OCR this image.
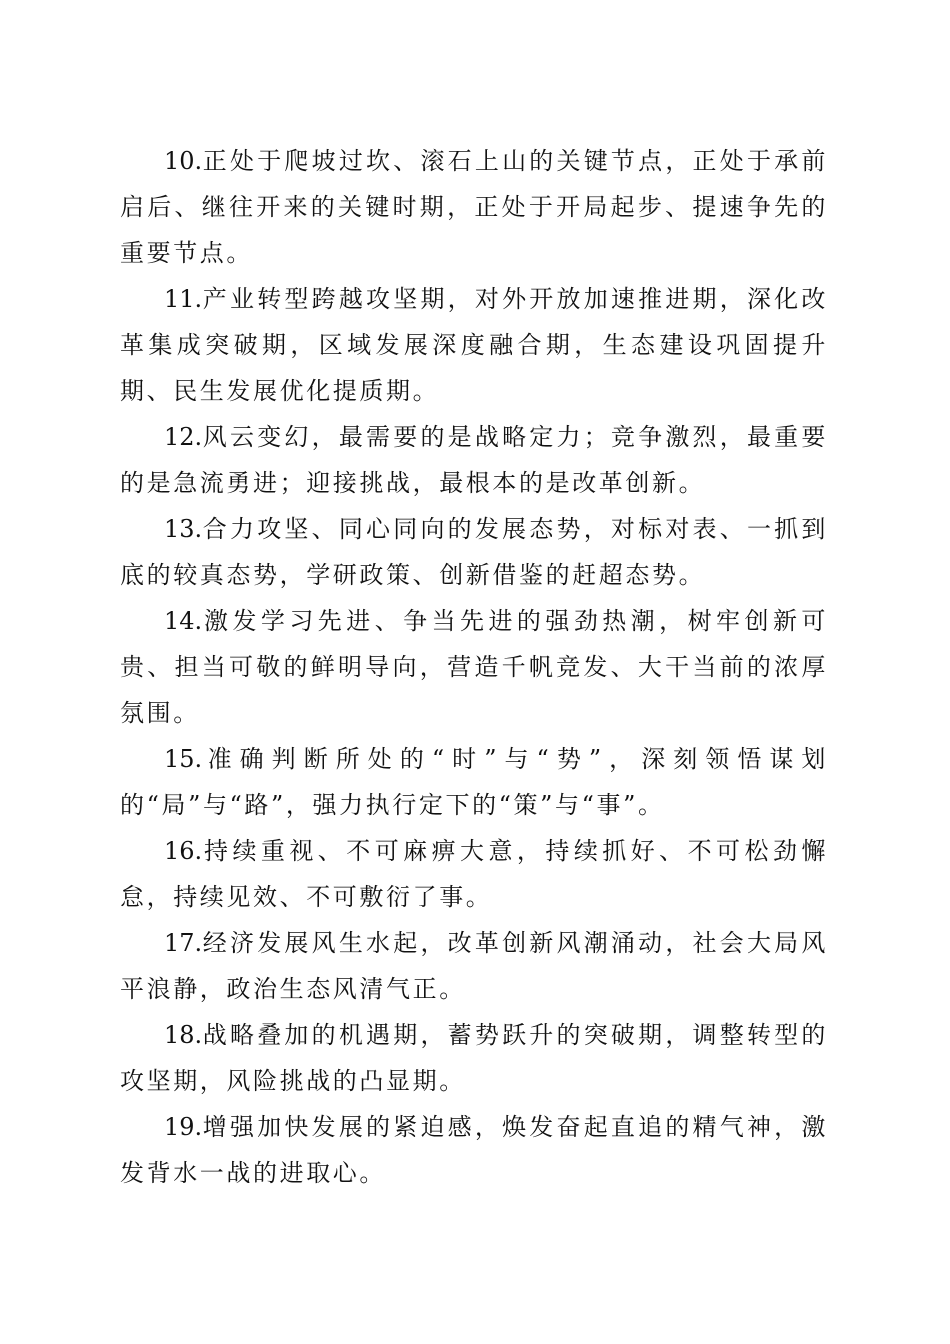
10.正处于爬坡过坎、滚石上山的关键节点，正处于承前启后、继往开来的关键时期，正处于开局起步、提速争先的重要节点。

11.产业转型跨越攻坚期，对外开放加速推进期，深化改革集成突破期，区域发展深度融合期，生态建设巩固提升期、民生发展优化提质期。

12.风云变幻，最需要的是战略定力；竞争激烈，最重要的是急流勇进；迎接挑战，最根本的是改革创新。

13.合力攻坚、同心同向的发展态势，对标对表、一抓到底的较真态势，学研政策、创新借鉴的赶超态势。

14.激发学习先进、争当先进的强劲热潮，树牢创新可贵、担当可敬的鲜明导向，营造千帆竞发、大干当前的浓厚氛围。

15.准确判断所处的“时”与“势”，深刻领悟谋划的“局”与“路”，强力执行定下的“策”与“事”。

16.持续重视、不可麻痹大意，持续抓好、不可松劲懈怠，持续见效、不可敷衍了事。

17.经济发展风生水起，改革创新风潮涌动，社会大局风平浪静，政治生态风清气正。

18.战略叠加的机遇期，蓄势跃升的突破期，调整转型的攻坚期，风险挑战的凸显期。

19.增强加快发展的紧迫感，焕发奋起直追的精气神，激发背水一战的进取心。
